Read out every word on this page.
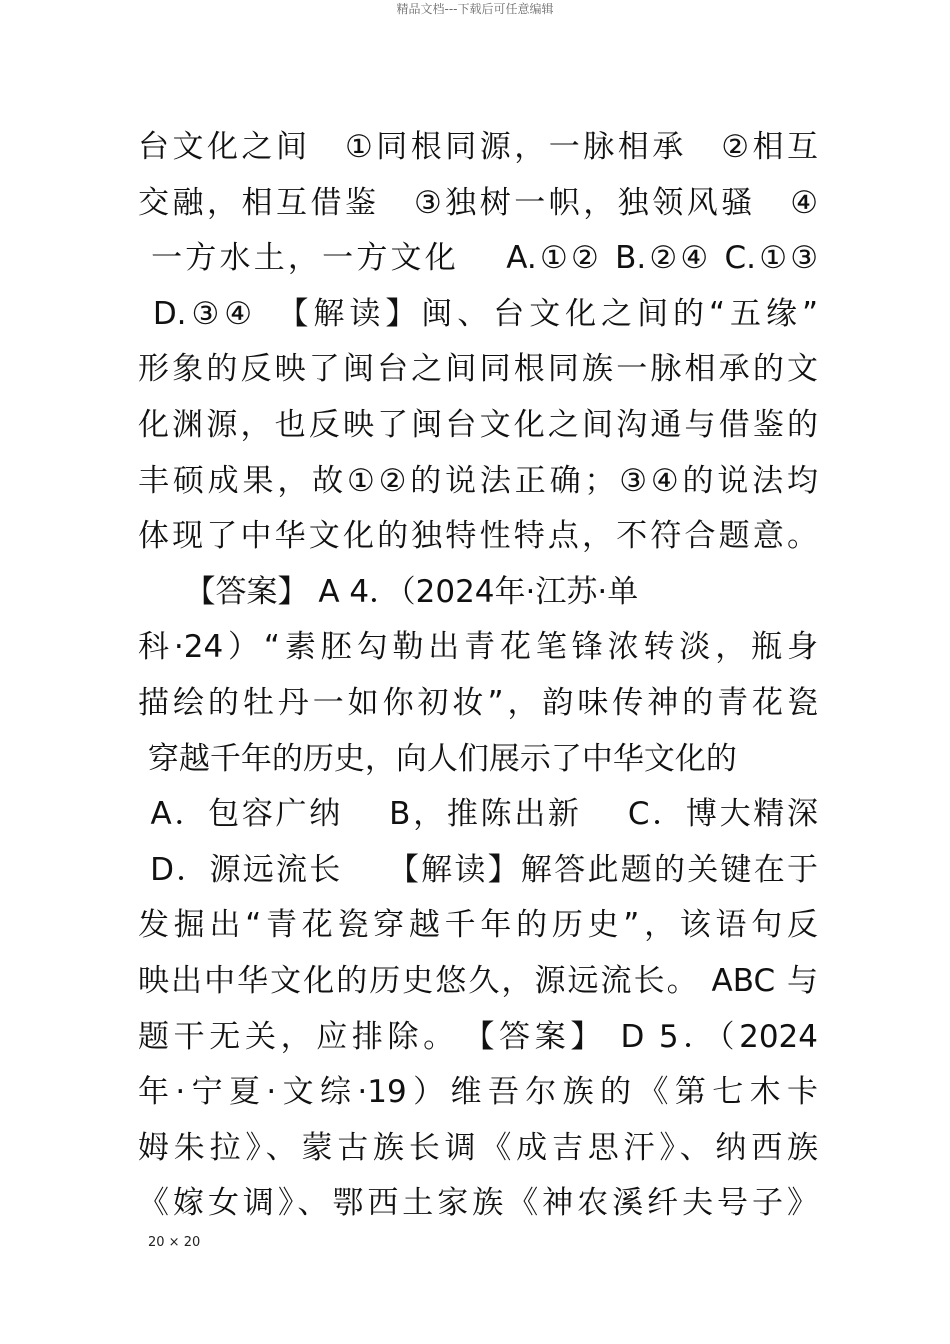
精品文档---下载后可任意编辑
台文化之间　①同根同源，一脉相承　②相互
交融，相互借鉴　③独树一帜，独领风骚　④
一方水土，一方文化　 A.①② B.②④ C.①③
D.③④　【解读】闽、台文化之间的“五缘”
形象的反映了闽台之间同根同族一脉相承的文
化渊源，也反映了闽台文化之间沟通与借鉴的
丰硕成果，故①②的说法正确；③④的说法均
体现了中华文化的独特性特点，不符合题意。
　　【答案】 A 4．（2024年·江苏·单
科·24）“素胚勾勒出青花笔锋浓转淡，瓶身
描绘的牡丹一如你初妆”，韵味传神的青花瓷
穿越千年的历史，向人们展示了中华文化的
A．包容广纳　 B，推陈出新　 C．博大精深
D．源远流长　 【解读】解答此题的关键在于
发掘出“青花瓷穿越千年的历史”，该语句反
映出中华文化的历史悠久，源远流长。 ABC 与
题干无关，应排除。　【答案】 D 5．（2024
年·宁夏·文综·19）维吾尔族的《第七木卡
姆朱拉》、蒙古族长调《成吉思汗》、纳西族
《嫁女调》、鄂西土家族《神农溪纤夫号子》
20 × 20
